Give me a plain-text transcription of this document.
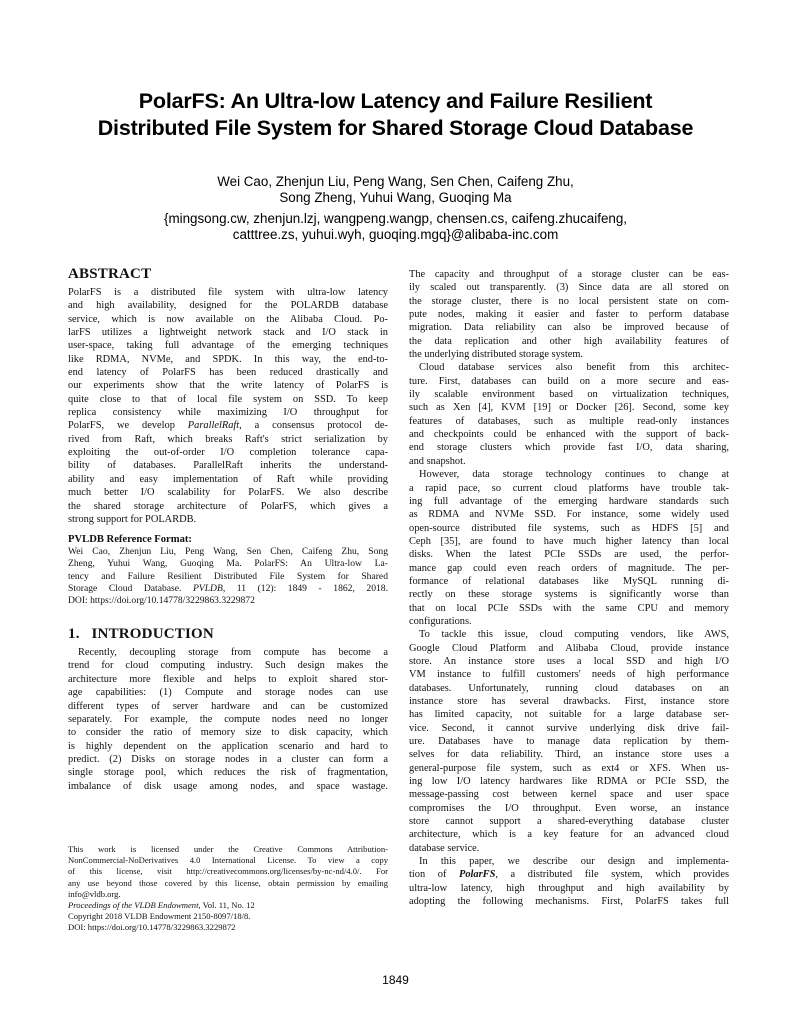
PolarFS: An Ultra-low Latency and Failure Resilient
Distributed File System for Shared Storage Cloud Database
Wei Cao, Zhenjun Liu, Peng Wang, Sen Chen, Caifeng Zhu,
Song Zheng, Yuhui Wang, Guoqing Ma
{mingsong.cw, zhenjun.lzj, wangpeng.wangp, chensen.cs, caifeng.zhucaifeng,
catttree.zs, yuhui.wyh, guoqing.mgq}@alibaba-inc.com
ABSTRACT
PolarFS is a distributed file system with ultra-low latency
and high availability, designed for the POLARDB database
service, which is now available on the Alibaba Cloud. Po-
larFS utilizes a lightweight network stack and I/O stack in
user-space, taking full advantage of the emerging techniques
like RDMA, NVMe, and SPDK. In this way, the end-to-
end latency of PolarFS has been reduced drastically and
our experiments show that the write latency of PolarFS is
quite close to that of local file system on SSD. To keep
replica consistency while maximizing I/O throughput for
PolarFS, we develop ParallelRaft, a consensus protocol de-
rived from Raft, which breaks Raft's strict serialization by
exploiting the out-of-order I/O completion tolerance capa-
bility of databases. ParallelRaft inherits the understand-
ability and easy implementation of Raft while providing
much better I/O scalability for PolarFS. We also describe
the shared storage architecture of PolarFS, which gives a
strong support for POLARDB.
PVLDB Reference Format:
Wei Cao, Zhenjun Liu, Peng Wang, Sen Chen, Caifeng Zhu, Song
Zheng, Yuhui Wang, Guoqing Ma. PolarFS: An Ultra-low La-
tency and Failure Resilient Distributed File System for Shared
Storage Cloud Database. PVLDB, 11 (12): 1849 - 1862, 2018.
DOI: https://doi.org/10.14778/3229863.3229872
1.   INTRODUCTION
Recently, decoupling storage from compute has become a
trend for cloud computing industry. Such design makes the
architecture more flexible and helps to exploit shared stor-
age capabilities: (1) Compute and storage nodes can use
different types of server hardware and can be customized
separately. For example, the compute nodes need no longer
to consider the ratio of memory size to disk capacity, which
is highly dependent on the application scenario and hard to
predict. (2) Disks on storage nodes in a cluster can form a
single storage pool, which reduces the risk of fragmentation,
imbalance of disk usage among nodes, and space wastage.
This work is licensed under the Creative Commons Attribution-
NonCommercial-NoDerivatives 4.0 International License. To view a copy
of this license, visit http://creativecommons.org/licenses/by-nc-nd/4.0/. For
any use beyond those covered by this license, obtain permission by emailing
info@vldb.org.
Proceedings of the VLDB Endowment, Vol. 11, No. 12
Copyright 2018 VLDB Endowment 2150-8097/18/8.
DOI: https://doi.org/10.14778/3229863.3229872
The capacity and throughput of a storage cluster can be eas-
ily scaled out transparently. (3) Since data are all stored on
the storage cluster, there is no local persistent state on com-
pute nodes, making it easier and faster to perform database
migration. Data reliability can also be improved because of
the data replication and other high availability features of
the underlying distributed storage system.
Cloud database services also benefit from this architec-
ture. First, databases can build on a more secure and eas-
ily scalable environment based on virtualization techniques,
such as Xen [4], KVM [19] or Docker [26]. Second, some key
features of databases, such as multiple read-only instances
and checkpoints could be enhanced with the support of back-
end storage clusters which provide fast I/O, data sharing,
and snapshot.
However, data storage technology continues to change at
a rapid pace, so current cloud platforms have trouble tak-
ing full advantage of the emerging hardware standards such
as RDMA and NVMe SSD. For instance, some widely used
open-source distributed file systems, such as HDFS [5] and
Ceph [35], are found to have much higher latency than local
disks. When the latest PCIe SSDs are used, the perfor-
mance gap could even reach orders of magnitude. The per-
formance of relational databases like MySQL running di-
rectly on these storage systems is significantly worse than
that on local PCIe SSDs with the same CPU and memory
configurations.
To tackle this issue, cloud computing vendors, like AWS,
Google Cloud Platform and Alibaba Cloud, provide instance
store. An instance store uses a local SSD and high I/O
VM instance to fulfill customers' needs of high performance
databases. Unfortunately, running cloud databases on an
instance store has several drawbacks. First, instance store
has limited capacity, not suitable for a large database ser-
vice. Second, it cannot survive underlying disk drive fail-
ure. Databases have to manage data replication by them-
selves for data reliability. Third, an instance store uses a
general-purpose file system, such as ext4 or XFS. When us-
ing low I/O latency hardwares like RDMA or PCIe SSD, the
message-passing cost between kernel space and user space
compromises the I/O throughput. Even worse, an instance
store cannot support a shared-everything database cluster
architecture, which is a key feature for an advanced cloud
database service.
In this paper, we describe our design and implementa-
tion of PolarFS, a distributed file system, which provides
ultra-low latency, high throughput and high availability by
adopting the following mechanisms. First, PolarFS takes full
1849
